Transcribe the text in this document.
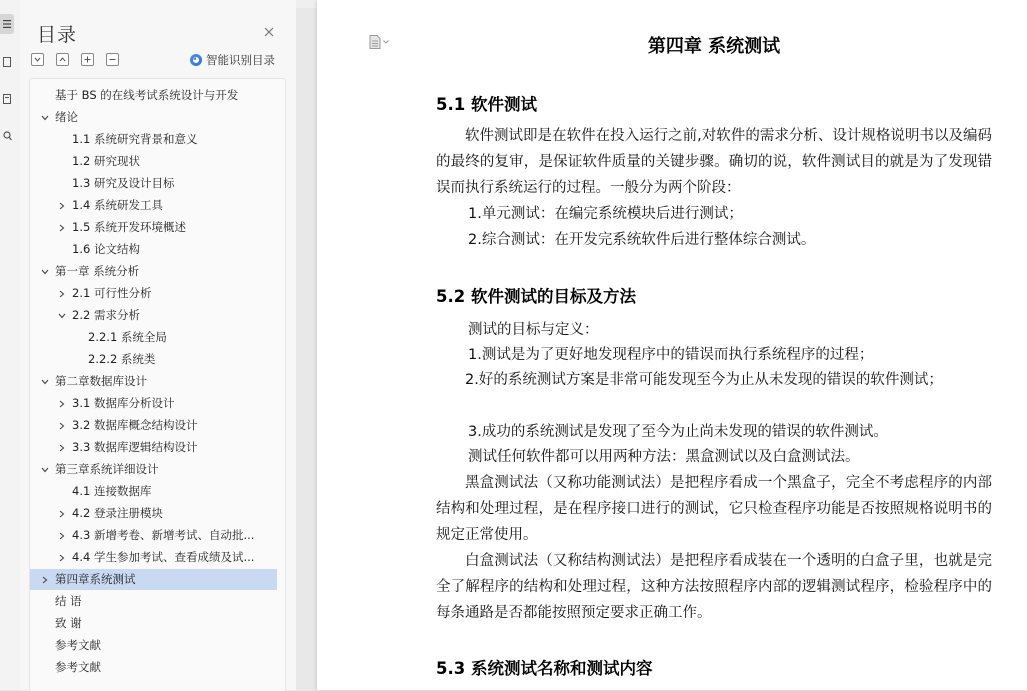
目录
◕ 智能识别目录
基于 BS 的在线考试系统设计与开发
绪论
1.1 系统研究背景和意义
1.2 研究现状
1.3 研究及设计目标
1.4 系统研发工具
1.5 系统开发环境概述
1.6 论文结构
第一章 系统分析
2.1 可行性分析
2.2 需求分析
2.2.1 系统全局
2.2.2 系统类
第二章数据库设计
3.1 数据库分析设计
3.2 数据库概念结构设计
3.3 数据库逻辑结构设计
第三章系统详细设计
4.1 连接数据库
4.2 登录注册模块
4.3 新增考卷、新增考试、自动批...
4.4 学生参加考试、查看成绩及试...
第四章系统测试
结 语
致 谢
参考文献
参考文献
第四章 系统测试
5.1 软件测试
软件测试即是在软件在投入运行之前,对软件的需求分析、设计规格说明书以及编码的最终的复审，是保证软件质量的关键步骤。确切的说，软件测试目的就是为了发现错误而执行系统运行的过程。一般分为两个阶段：
1.单元测试：在编完系统模块后进行测试；
2.综合测试：在开发完系统软件后进行整体综合测试。
5.2 软件测试的目标及方法
测试的目标与定义：
1.测试是为了更好地发现程序中的错误而执行系统程序的过程；
2.好的系统测试方案是非常可能发现至今为止从未发现的错误的软件测试；
3.成功的系统测试是发现了至今为止尚未发现的错误的软件测试。
测试任何软件都可以用两种方法：黑盒测试以及白盒测试法。
黑盒测试法（又称功能测试法）是把程序看成一个黑盒子，完全不考虑程序的内部结构和处理过程，是在程序接口进行的测试，它只检查程序功能是否按照规格说明书的规定正常使用。
白盒测试法（又称结构测试法）是把程序看成装在一个透明的白盒子里，也就是完全了解程序的结构和处理过程，这种方法按照程序内部的逻辑测试程序，检验程序中的每条通路是否都能按照预定要求正确工作。
5.3 系统测试名称和测试内容
